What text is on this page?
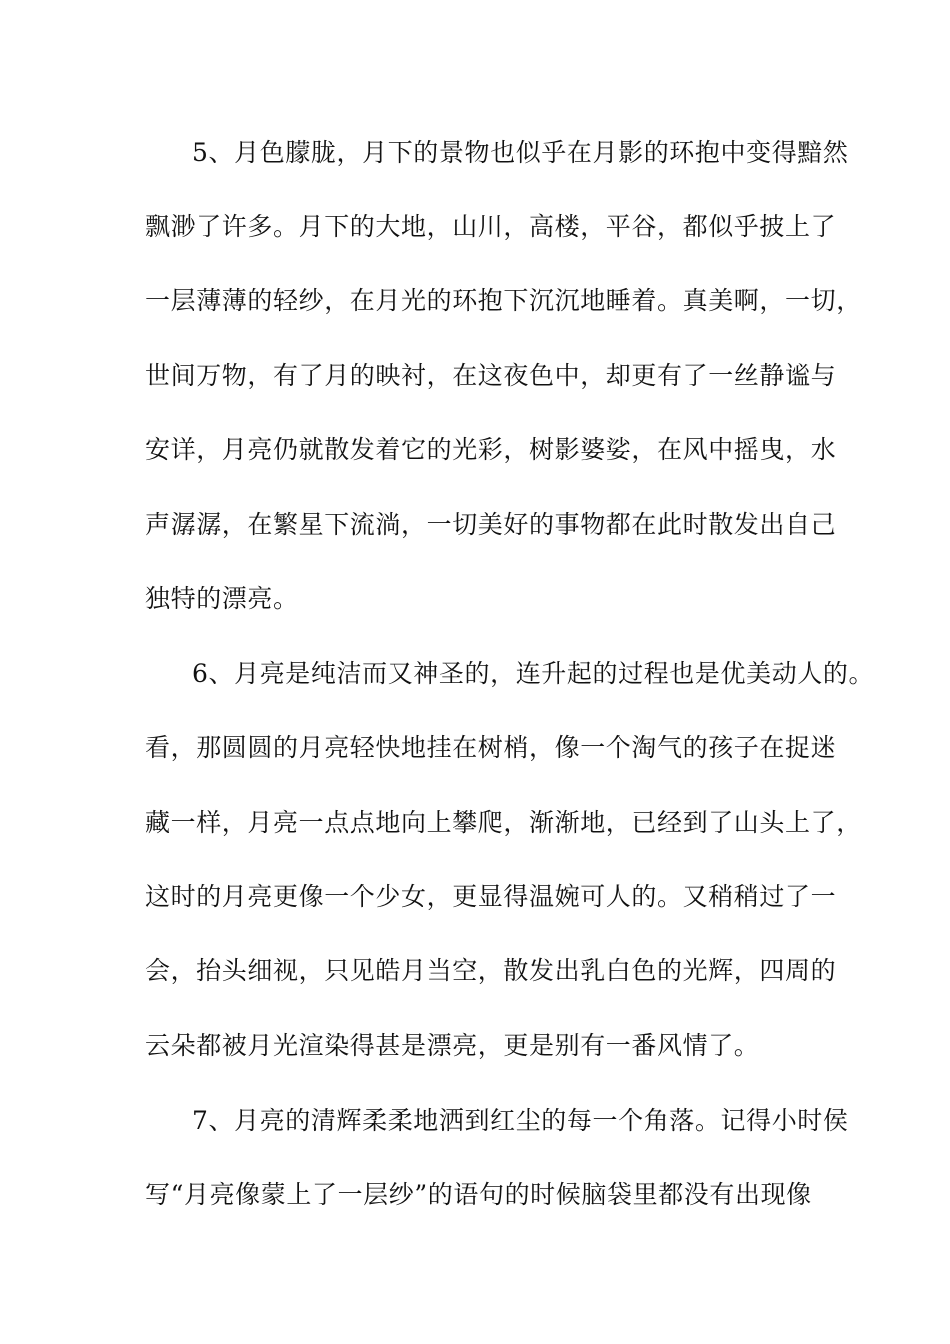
5、月色朦胧，月下的景物也似乎在月影的环抱中变得黯然
飘渺了许多。月下的大地，山川，高楼，平谷，都似乎披上了
一层薄薄的轻纱，在月光的环抱下沉沉地睡着。真美啊，一切，
世间万物，有了月的映衬，在这夜色中，却更有了一丝静谧与
安详，月亮仍就散发着它的光彩，树影婆娑，在风中摇曳，水
声潺潺，在繁星下流淌，一切美好的事物都在此时散发出自己
独特的漂亮。
6、月亮是纯洁而又神圣的，连升起的过程也是优美动人的。
看，那圆圆的月亮轻快地挂在树梢，像一个淘气的孩子在捉迷
藏一样，月亮一点点地向上攀爬，渐渐地，已经到了山头上了，
这时的月亮更像一个少女，更显得温婉可人的。又稍稍过了一
会，抬头细视，只见皓月当空，散发出乳白色的光辉，四周的
云朵都被月光渲染得甚是漂亮，更是别有一番风情了。
7、月亮的清辉柔柔地洒到红尘的每一个角落。记得小时侯
写“月亮像蒙上了一层纱”的语句的时候脑袋里都没有出现像
